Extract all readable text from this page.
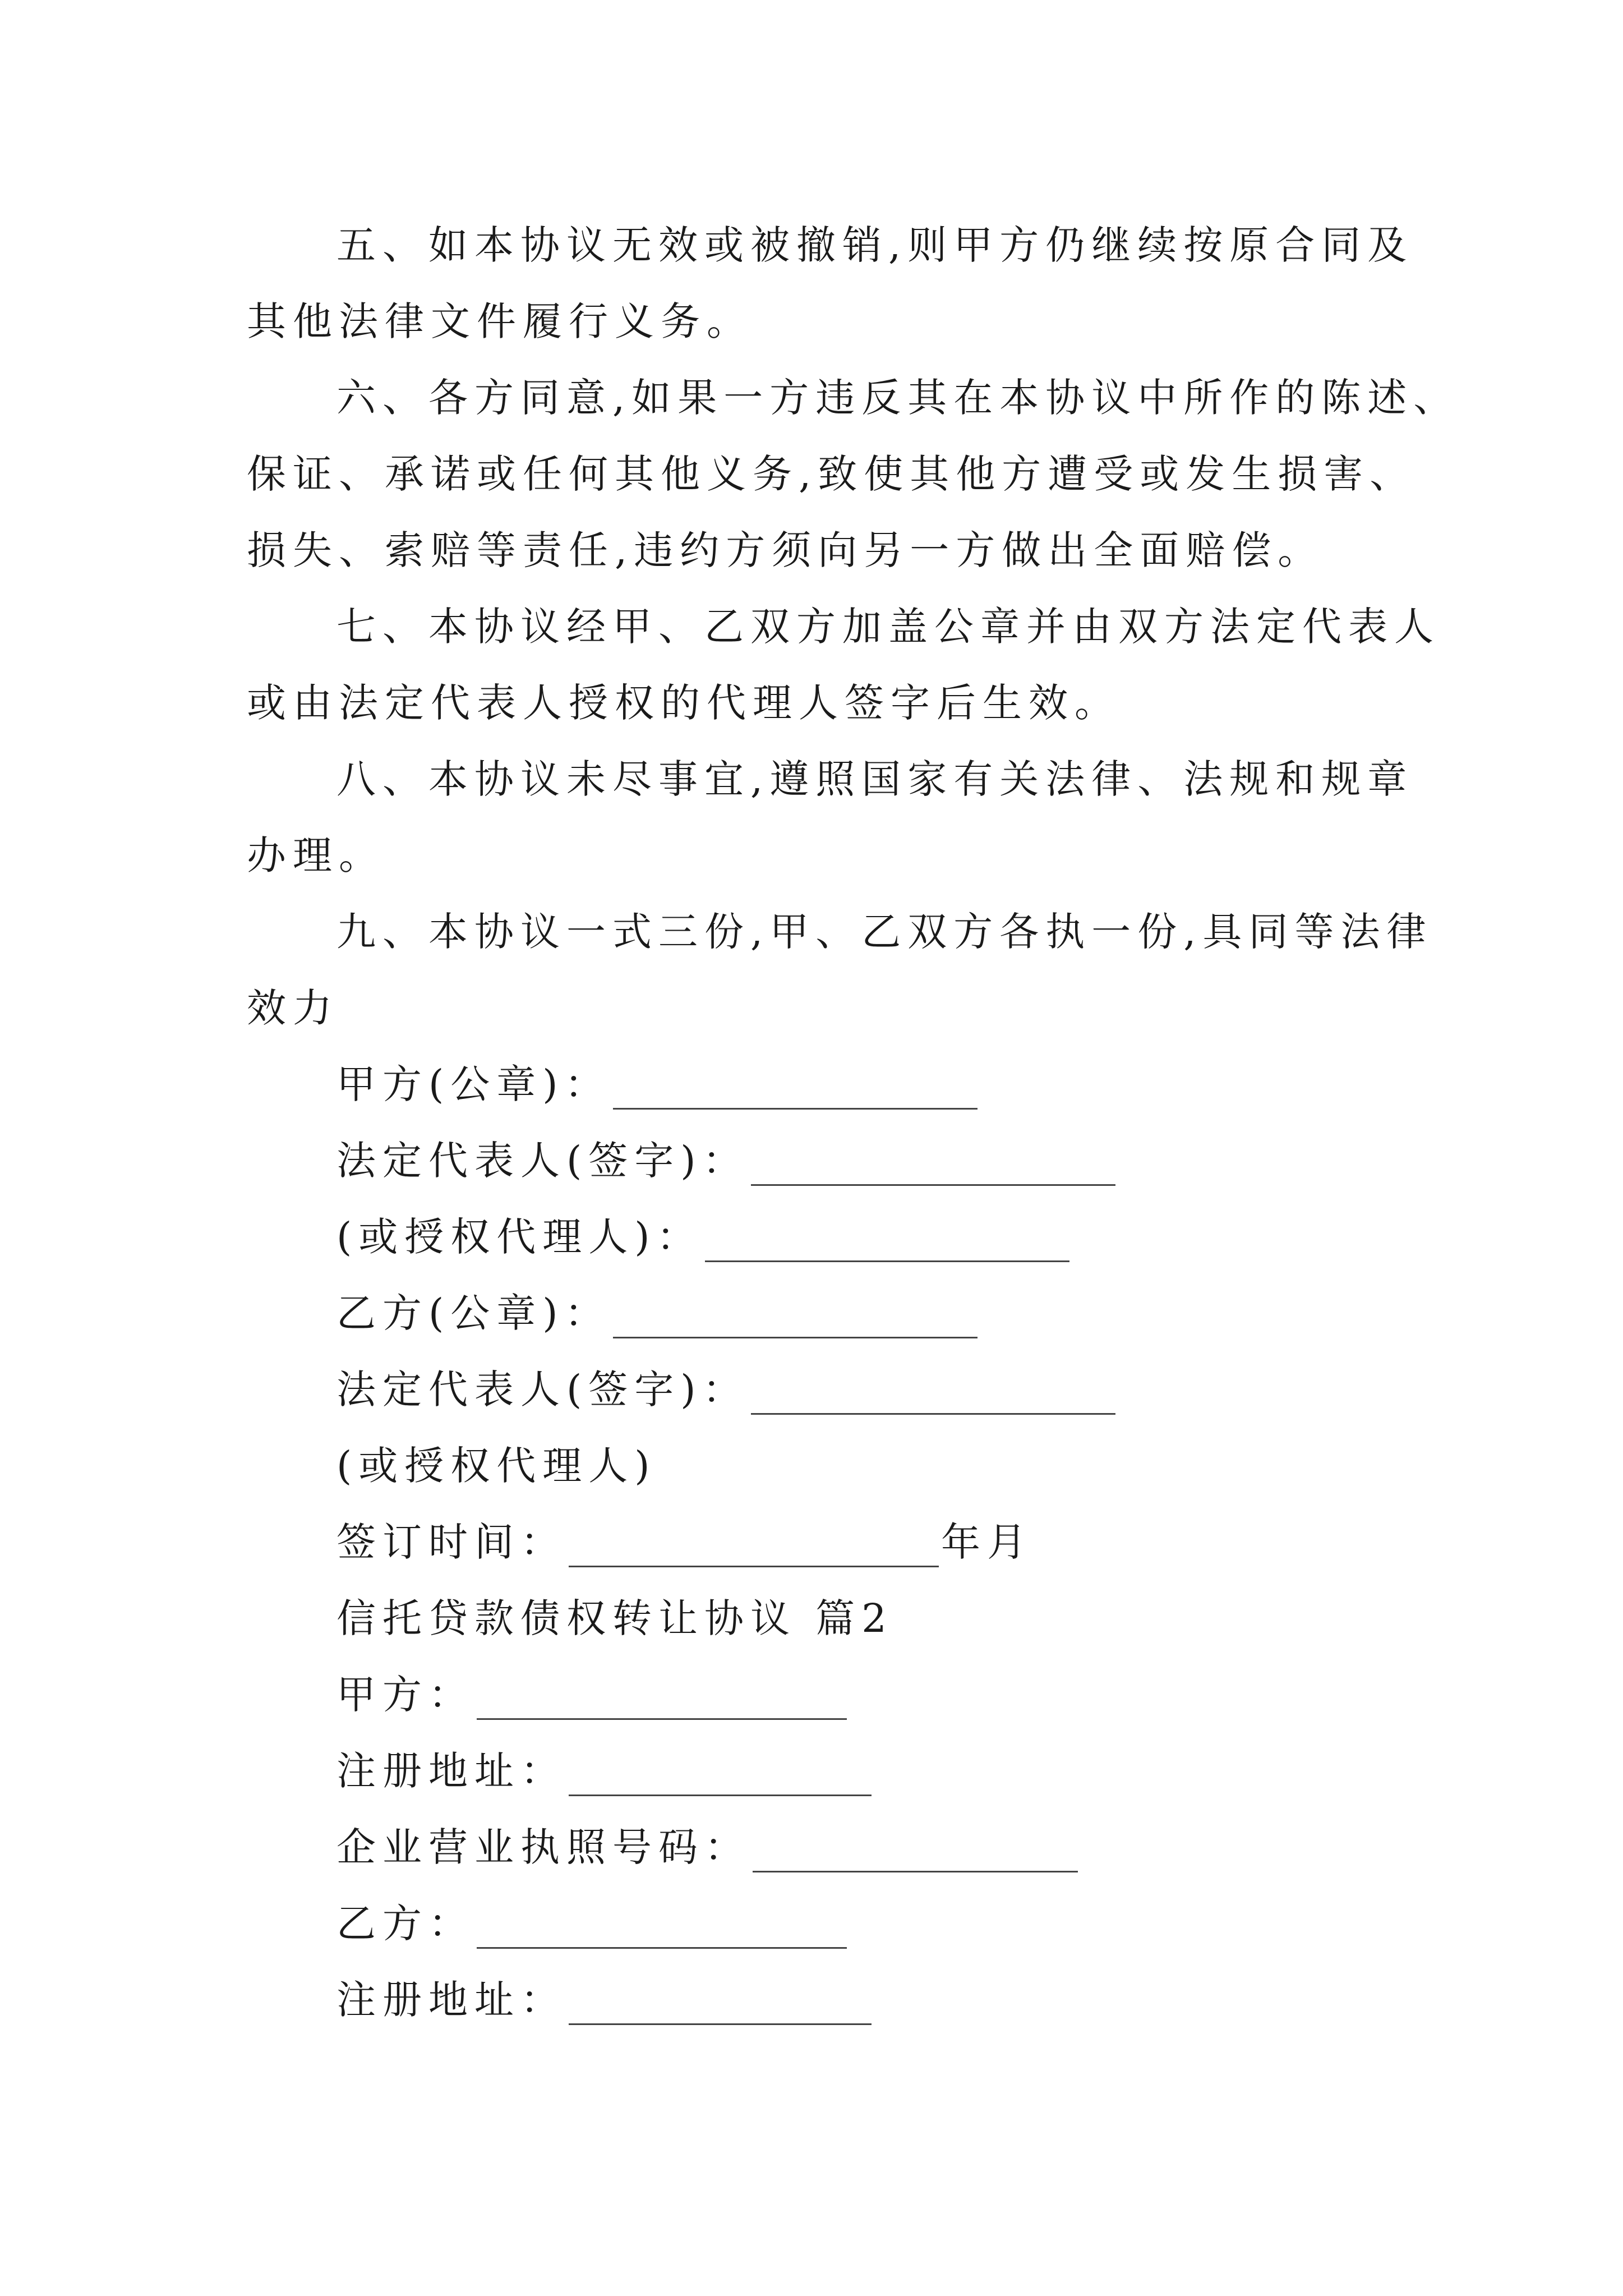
五、如本协议无效或被撤销,则甲方仍继续按原合同及
其他法律文件履行义务。
六、各方同意,如果一方违反其在本协议中所作的陈述、
保证、承诺或任何其他义务,致使其他方遭受或发生损害、
损失、索赔等责任,违约方须向另一方做出全面赔偿。
七、本协议经甲、乙双方加盖公章并由双方法定代表人
或由法定代表人授权的代理人签字后生效。
八、本协议未尽事宜,遵照国家有关法律、法规和规章
办理。
九、本协议一式三份,甲、乙双方各执一份,具同等法律
效力
甲方(公章)：
法定代表人(签字)：
(或授权代理人)：
乙方(公章)：
法定代表人(签字)：
(或授权代理人)
签订时间：	年月
信托贷款债权转让协议 篇2
甲方：
注册地址：
企业营业执照号码：
乙方：
注册地址：
